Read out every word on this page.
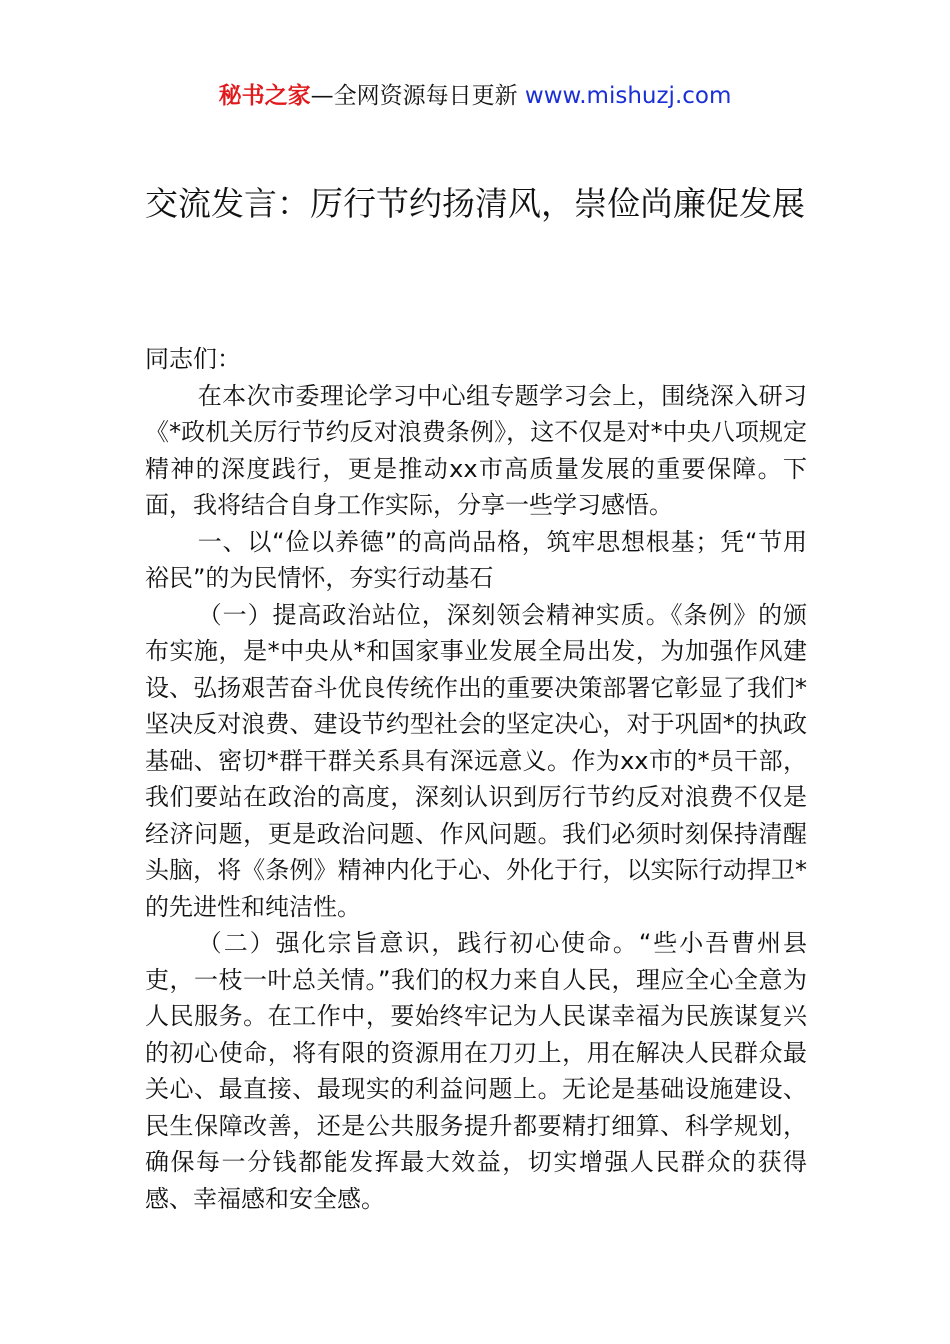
秘书之家—全网资源每日更新 www.mishuzj.com
交流发言：厉行节约扬清风，崇俭尚廉促发展

同志们：

在本次市委理论学习中心组专题学习会上，围绕深入研习《*政机关厉行节约反对浪费条例》，这不仅是对*中央八项规定精神的深度践行，更是推动xx市高质量发展的重要保障。下面，我将结合自身工作实际，分享一些学习感悟。

一、以“俭以养德”的高尚品格，筑牢思想根基；凭“节用裕民”的为民情怀，夯实行动基石

（一）提高政治站位，深刻领会精神实质。《条例》的颁布实施，是*中央从*和国家事业发展全局出发，为加强作风建设、弘扬艰苦奋斗优良传统作出的重要决策部署它彰显了我们*坚决反对浪费、建设节约型社会的坚定决心，对于巩固*的执政基础、密切*群干群关系具有深远意义。作为xx市的*员干部，我们要站在政治的高度，深刻认识到厉行节约反对浪费不仅是经济问题，更是政治问题、作风问题。我们必须时刻保持清醒头脑，将《条例》精神内化于心、外化于行，以实际行动捍卫*的先进性和纯洁性。

（二）强化宗旨意识，践行初心使命。“些小吾曹州县吏，一枝一叶总关情。”我们的权力来自人民，理应全心全意为人民服务。在工作中，要始终牢记为人民谋幸福为民族谋复兴的初心使命，将有限的资源用在刀刃上，用在解决人民群众最关心、最直接、最现实的利益问题上。无论是基础设施建设、民生保障改善，还是公共服务提升都要精打细算、科学规划，确保每一分钱都能发挥最大效益，切实增强人民群众的获得感、幸福感和安全感。
